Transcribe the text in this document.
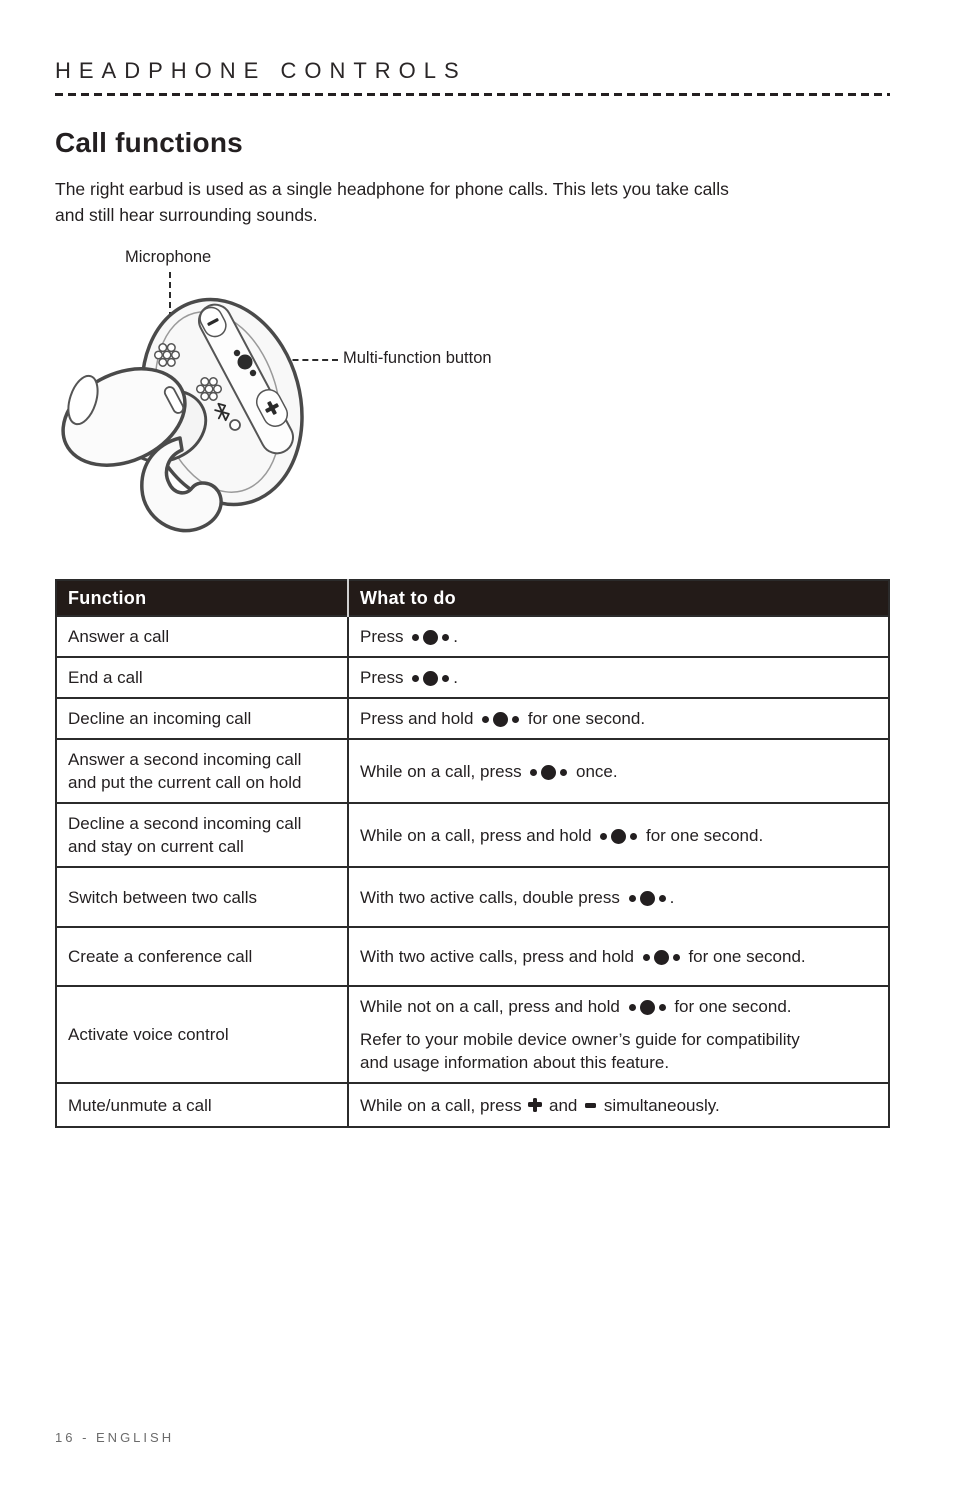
HEADPHONE CONTROLS
Call functions

The right earbud is used as a single headphone for phone calls. This lets you take calls
and still hear surrounding sounds.

Microphone
Multi-function button
Function	What to do
Answer a call	Press .

End a call	Press .

Decline an incoming call	Press and hold for one second.

Answer a second incoming call and put the current call on hold	While on a call, press once.

Decline a second incoming call and stay on current call	While on a call, press and hold for one second.

Switch between two calls	With two active calls, double press .

Create a conference call	With two active calls, press and hold for one second.

Activate voice control	While not on a call, press and hold for one second.

Refer to your mobile device owner’s guide for compatibility and usage information about this feature.

Mute/unmute a call	While on a call, press  and  simultaneously.

16 - ENGLISH
